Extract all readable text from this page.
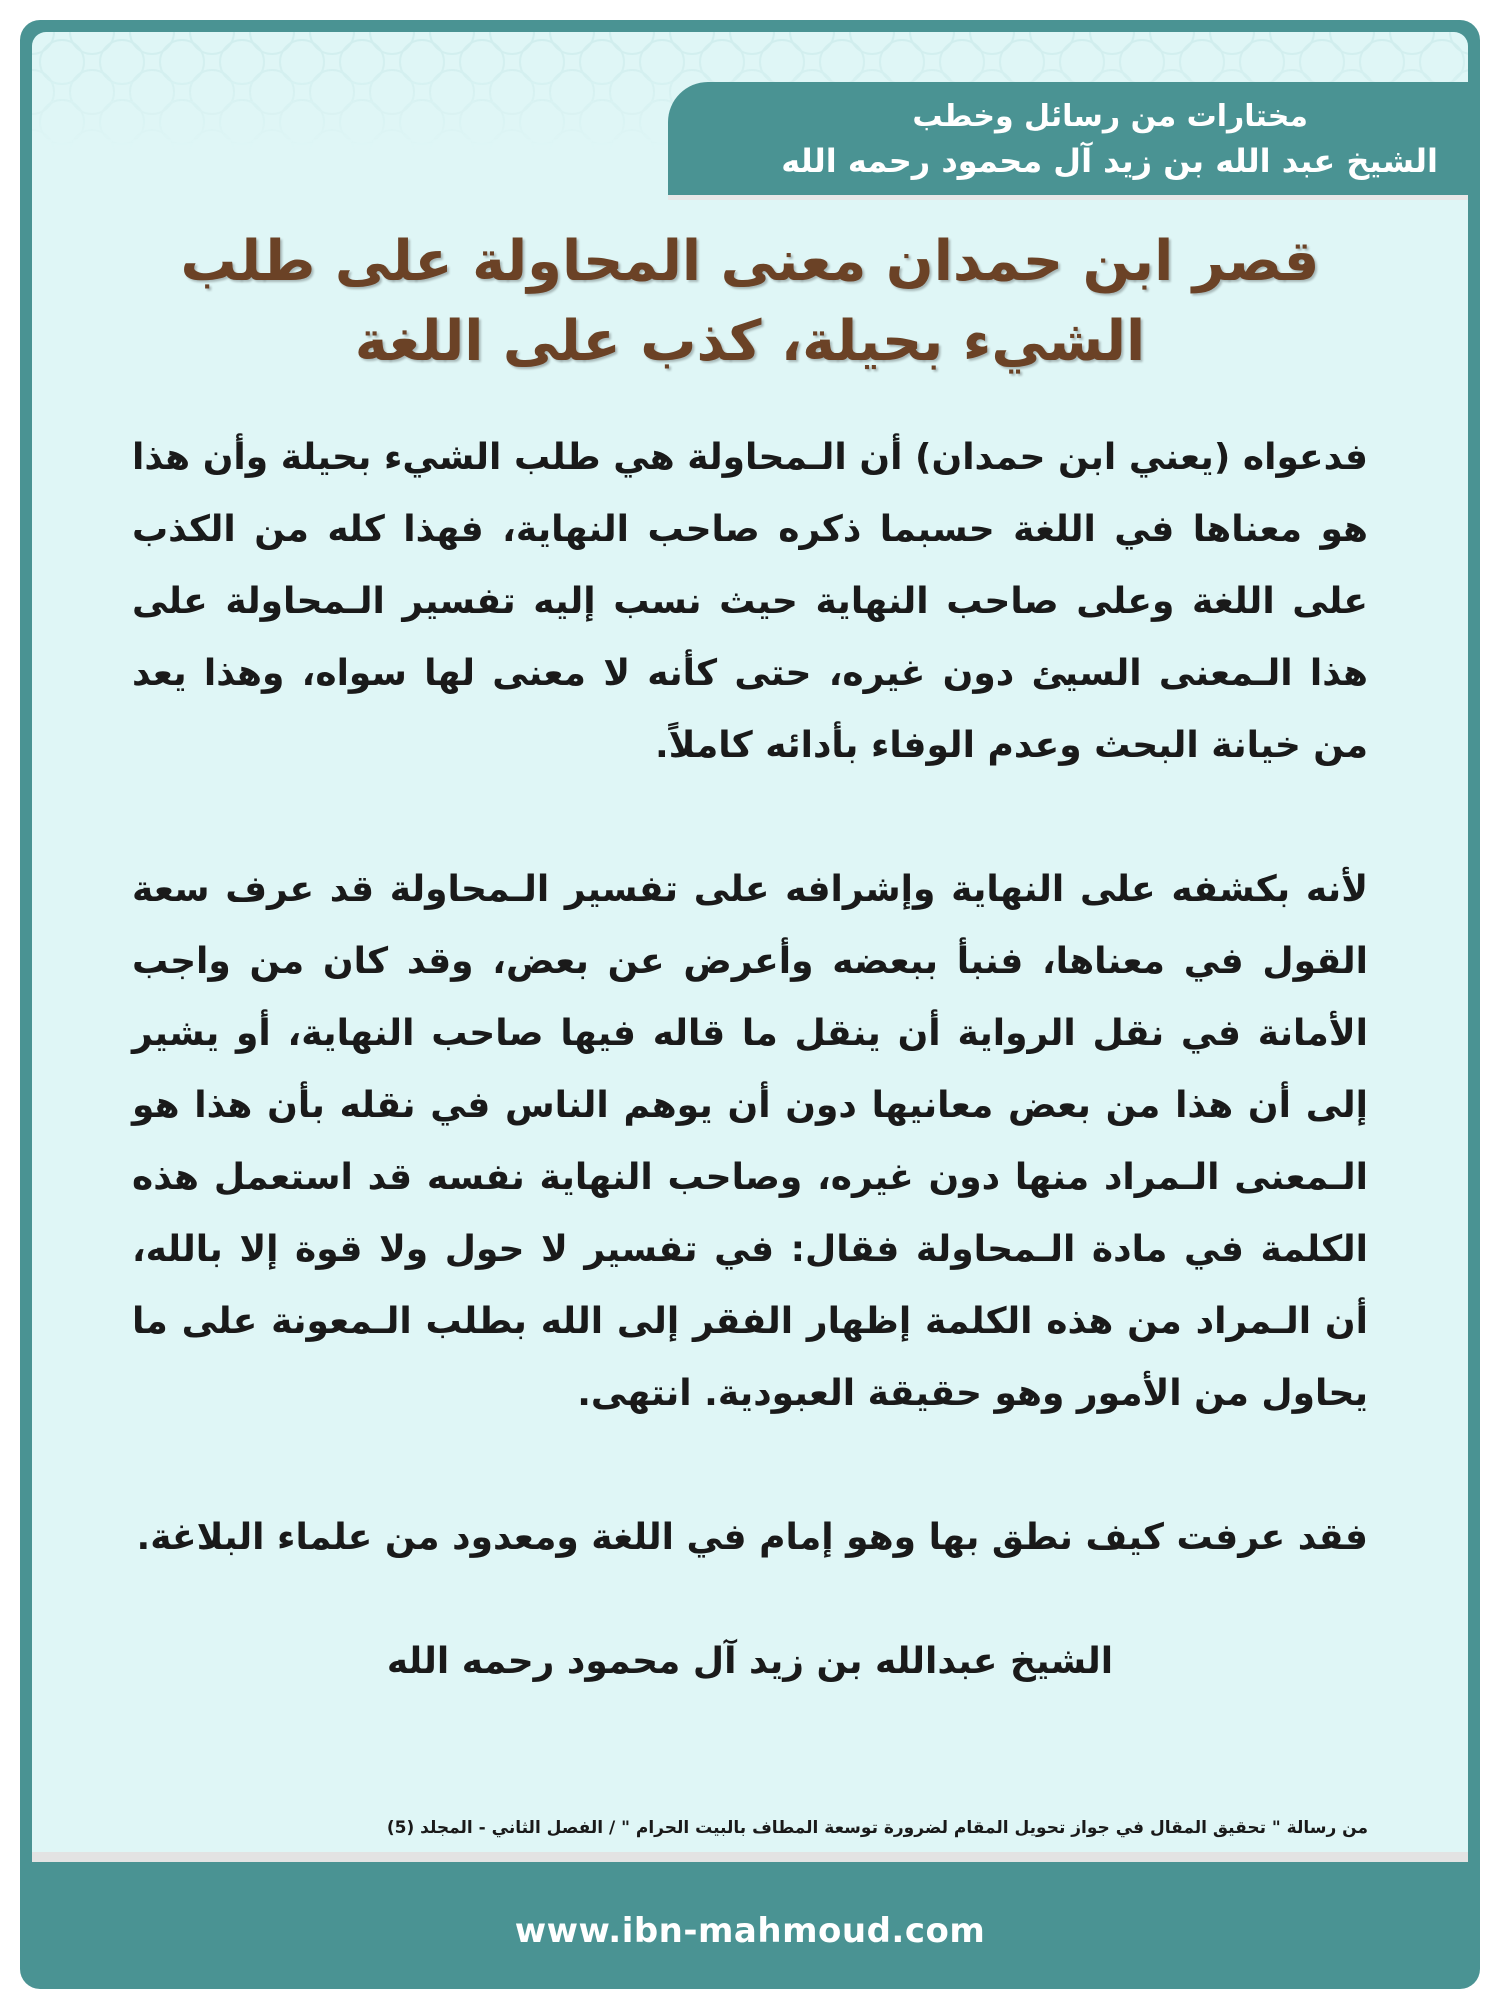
مختارات من رسائل وخطب
الشيخ عبد الله بن زيد آل محمود رحمه الله
قصر ابن حمدان معنى المحاولة على طلب
الشيء بحيلة، كذب على اللغة

فدعواه (يعني ابن حمدان) أن الـمحاولة هي طلب الشيء بحيلة وأن هذا هو معناها في اللغة حسبما ذكره صاحب النهاية، فهذا كله من الكذب على اللغة وعلى صاحب النهاية حيث نسب إليه تفسير الـمحاولة على هذا الـمعنى السيئ دون غيره، حتى كأنه لا معنى لها سواه، وهذا يعد من خيانة البحث وعدم الوفاء بأدائه كاملاً.

لأنه بكشفه على النهاية وإشرافه على تفسير الـمحاولة قد عرف سعة القول في معناها، فنبأ ببعضه وأعرض عن بعض، وقد كان من واجب الأمانة في نقل الرواية أن ينقل ما قاله فيها صاحب النهاية، أو يشير إلى أن هذا من بعض معانيها دون أن يوهم الناس في نقله بأن هذا هو الـمعنى الـمراد منها دون غيره، وصاحب النهاية نفسه قد استعمل هذه الكلمة في مادة الـمحاولة فقال: في تفسير لا حول ولا قوة إلا بالله، أن الـمراد من هذه الكلمة إظهار الفقر إلى الله بطلب الـمعونة على ما يحاول من الأمور وهو حقيقة العبودية. انتهى.

فقد عرفت كيف نطق بها وهو إمام في اللغة ومعدود من علماء البلاغة.

الشيخ عبدالله بن زيد آل محمود رحمه الله
من رسالة " تحقيق المقال في جواز تحويل المقام لضرورة توسعة المطاف بالبيت الحرام " / الفصل الثاني - المجلد (5)
www.ibn-mahmoud.com
